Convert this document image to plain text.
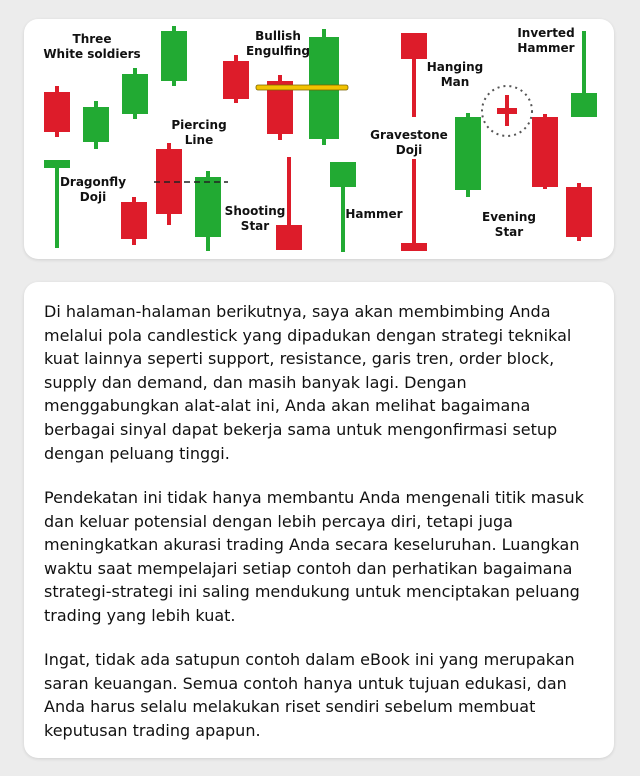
Three White soldiers
Bullish Engulfing
Inverted Hammer
Hanging Man
Piercing Line	Gravestone Doji
Dragonfly Doji
Shooting Star
Hammer	Evening Star

Di halaman-halaman berikutnya, saya akan membimbing Anda melalui pola candlestick yang dipadukan dengan strategi teknikal kuat lainnya seperti support, resistance, garis tren, order block, supply dan demand, dan masih banyak lagi. Dengan menggabungkan alat-alat ini, Anda akan melihat bagaimana berbagai sinyal dapat bekerja sama untuk mengonfirmasi setup dengan peluang tinggi.

Pendekatan ini tidak hanya membantu Anda mengenali titik masuk dan keluar potensial dengan lebih percaya diri, tetapi juga meningkatkan akurasi trading Anda secara keseluruhan. Luangkan waktu saat mempelajari setiap contoh dan perhatikan bagaimana strategi-strategi ini saling mendukung untuk menciptakan peluang trading yang lebih kuat.

Ingat, tidak ada satupun contoh dalam eBook ini yang merupakan saran keuangan. Semua contoh hanya untuk tujuan edukasi, dan Anda harus selalu melakukan riset sendiri sebelum membuat keputusan trading apapun.
